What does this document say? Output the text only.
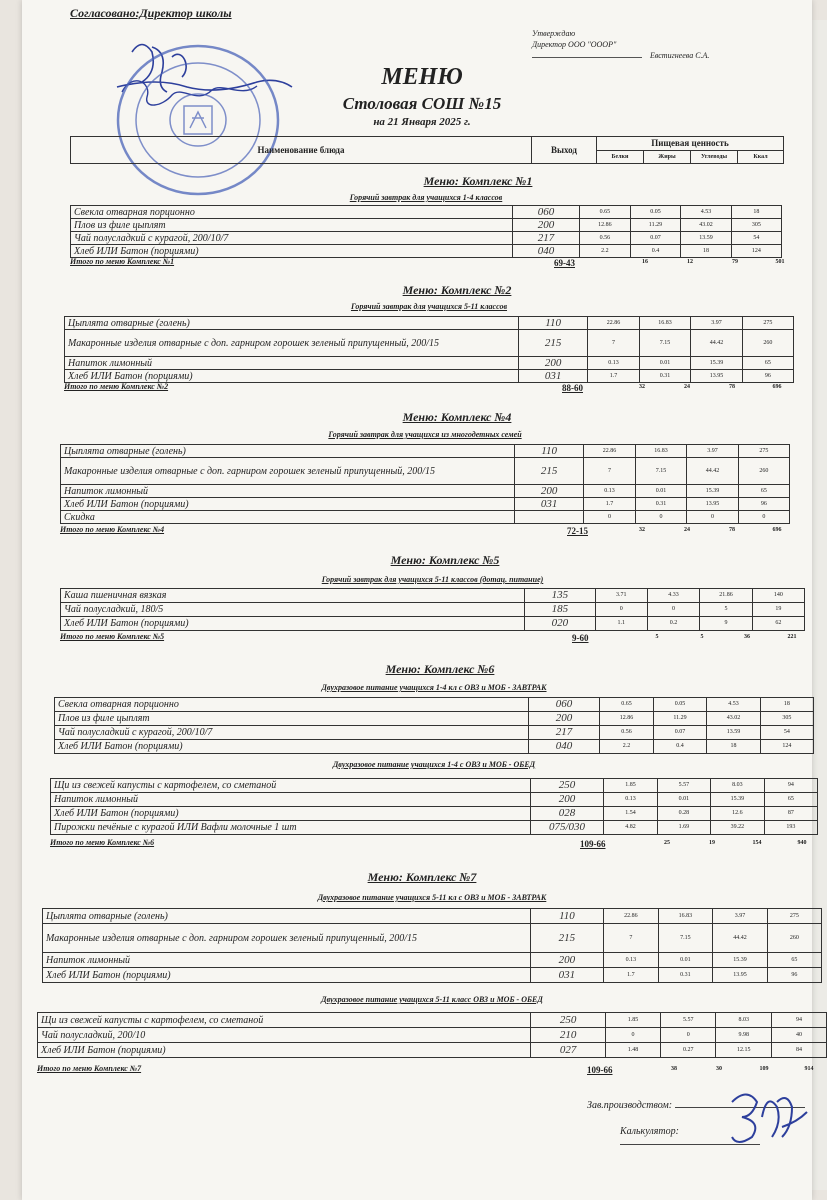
Согласовано:Директор школы
Утверждаю
Директор ООО "ОООР"
Евстигнеева С.А.
МЕНЮ
Столовая СОШ №15
на 21 Января 2025 г.
Наименование блюда	Выход
Пищевая ценность
Белки	Жиры	Углеводы	Ккал
Зав.производством:
Калькулятор:
Меню: Комплекс №1
Горячий завтрак для учащихся 1-4 классов
Свекла отварная порционно	060	0.65	0.05	4.53	18
Плов из филе цыплят	200	12.86	11.29	43.02	305
Чай полусладкий с курагой, 200/10/7	217	0.56	0.07	13.59	54
Хлеб ИЛИ Батон (порциями)	040	2.2	0.4	18	124
Итого по меню Комплекс №1	69-43	16	12	79	501
Меню: Комплекс №2
Горячий завтрак для учащихся 5-11 классов
Цыплята отварные (голень)	110	22.86	16.83	3.97	275
Макаронные изделия отварные с доп. гарниром горошек зеленый припущенный, 200/15	215	7	7.15	44.42	260
Напиток лимонный	200	0.13	0.01	15.39	65
Хлеб ИЛИ Батон (порциями)	031	1.7	0.31	13.95	96
Итого по меню Комплекс №2	88-60	32	24	78	696
Меню: Комплекс №4
Горячий завтрак для учащихся из многодетных семей
Цыплята отварные (голень)	110	22.86	16.83	3.97	275
Макаронные изделия отварные с доп. гарниром горошек зеленый припущенный, 200/15	215	7	7.15	44.42	260
Напиток лимонный	200	0.13	0.01	15.39	65
Хлеб ИЛИ Батон (порциями)	031	1.7	0.31	13.95	96
Скидка		0	0	0	0
Итого по меню Комплекс №4	72-15	32	24	78	696
Меню: Комплекс №5
Горячий завтрак для учащихся 5-11 классов (дотац. питание)
Каша пшеничная вязкая	135	3.71	4.33	21.86	140
Чай полусладкий, 180/5	185	0	0	5	19
Хлеб ИЛИ Батон (порциями)	020	1.1	0.2	9	62
Итого по меню Комплекс №5	9-60	5	5	36	221
Меню: Комплекс №6
Двухразовое питание учащихся 1-4 кл с ОВЗ и МОБ - ЗАВТРАК
Свекла отварная порционно	060	0.65	0.05	4.53	18
Плов из филе цыплят	200	12.86	11.29	43.02	305
Чай полусладкий с курагой, 200/10/7	217	0.56	0.07	13.59	54
Хлеб ИЛИ Батон (порциями)	040	2.2	0.4	18	124
Двухразовое питание учащихся 1-4 с ОВЗ и МОБ - ОБЕД
Щи из свежей капусты с картофелем, со сметаной	250	1.85	5.57	8.03	94
Напиток лимонный	200	0.13	0.01	15.39	65
Хлеб ИЛИ Батон (порциями)	028	1.54	0.28	12.6	87
Пирожки печёные с курагой ИЛИ Вафли молочные 1 шт	075/030	4.82	1.69	39.22	193
Итого по меню Комплекс №6	109-66	25	19	154	940
Меню: Комплекс №7
Двухразовое питание учащихся 5-11 кл с ОВЗ и МОБ - ЗАВТРАК
Цыплята отварные (голень)	110	22.86	16.83	3.97	275
Макаронные изделия отварные с доп. гарниром горошек зеленый припущенный, 200/15	215	7	7.15	44.42	260
Напиток лимонный	200	0.13	0.01	15.39	65
Хлеб ИЛИ Батон (порциями)	031	1.7	0.31	13.95	96
Двухразовое питание учащихся 5-11 класс ОВЗ и МОБ - ОБЕД
Щи из свежей капусты с картофелем, со сметаной	250	1.85	5.57	8.03	94
Чай полусладкий, 200/10	210	0	0	9.98	40
Хлеб ИЛИ Батон (порциями)	027	1.48	0.27	12.15	84
Итого по меню Комплекс №7	109-66	38	30	109	914
